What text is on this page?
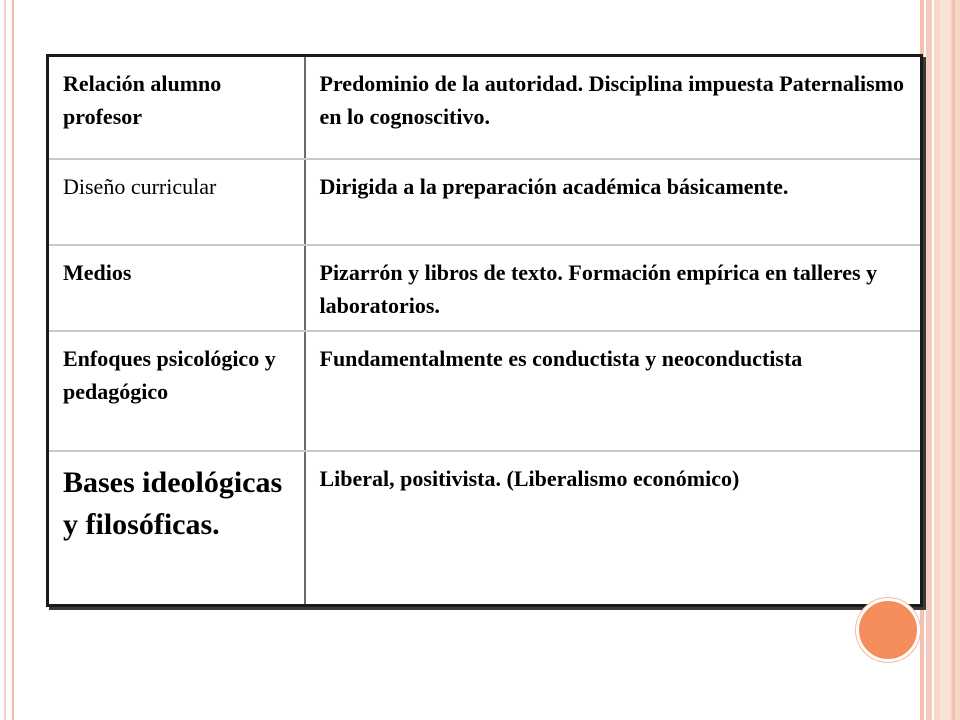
Relación alumno profesor	Predominio de la autoridad. Disciplina impuesta Paternalismo en lo cognoscitivo.
Diseño curricular	Dirigida a la preparación académica básicamente.
Medios	Pizarrón y libros de texto. Formación empírica en talleres y laboratorios.
Enfoques psicológico y pedagógico	Fundamentalmente es conductista y neoconductista
Bases ideológicas y filosóficas.	Liberal, positivista. (Liberalismo económico)
